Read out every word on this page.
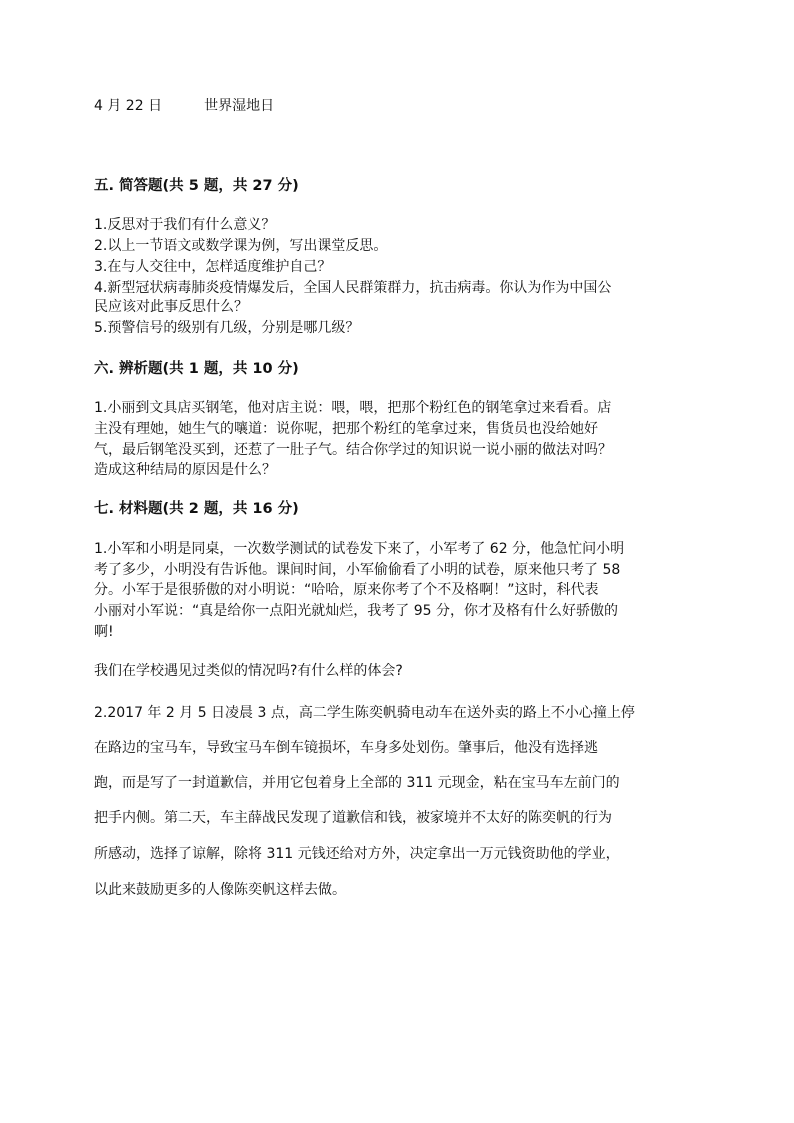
4 月 22 日	世界湿地日
五. 简答题(共 5 题，共 27 分)
1.反思对于我们有什么意义？
2.以上一节语文或数学课为例，写出课堂反思。
3.在与人交往中，怎样适度维护自己？
4.新型冠状病毒肺炎疫情爆发后，全国人民群策群力，抗击病毒。你认为作为中国公
民应该对此事反思什么？
5.预警信号的级别有几级，分别是哪几级？
六. 辨析题(共 1 题，共 10 分)
1.小丽到文具店买钢笔，他对店主说：喂，喂，把那个粉红色的钢笔拿过来看看。店
主没有理她，她生气的嚷道：说你呢，把那个粉红的笔拿过来，售货员也没给她好
气，最后钢笔没买到，还惹了一肚子气。结合你学过的知识说一说小丽的做法对吗？
造成这种结局的原因是什么？
七. 材料题(共 2 题，共 16 分)
1.小军和小明是同桌，一次数学测试的试卷发下来了，小军考了 62 分，他急忙问小明
考了多少，小明没有告诉他。课间时间，小军偷偷看了小明的试卷，原来他只考了 58
分。小军于是很骄傲的对小明说：“哈哈，原来你考了个不及格啊！”这时，科代表
小丽对小军说：“真是给你一点阳光就灿烂，我考了 95 分，你才及格有什么好骄傲的
啊!
我们在学校遇见过类似的情况吗?有什么样的体会?
2.2017 年 2 月 5 日凌晨 3 点，高二学生陈奕帆骑电动车在送外卖的路上不小心撞上停
在路边的宝马车，导致宝马车倒车镜损坏，车身多处划伤。肇事后，他没有选择逃
跑，而是写了一封道歉信，并用它包着身上全部的 311 元现金，粘在宝马车左前门的
把手内侧。第二天，车主薛战民发现了道歉信和钱，被家境并不太好的陈奕帆的行为
所感动，选择了谅解，除将 311 元钱还给对方外，决定拿出一万元钱资助他的学业，
以此来鼓励更多的人像陈奕帆这样去做。
